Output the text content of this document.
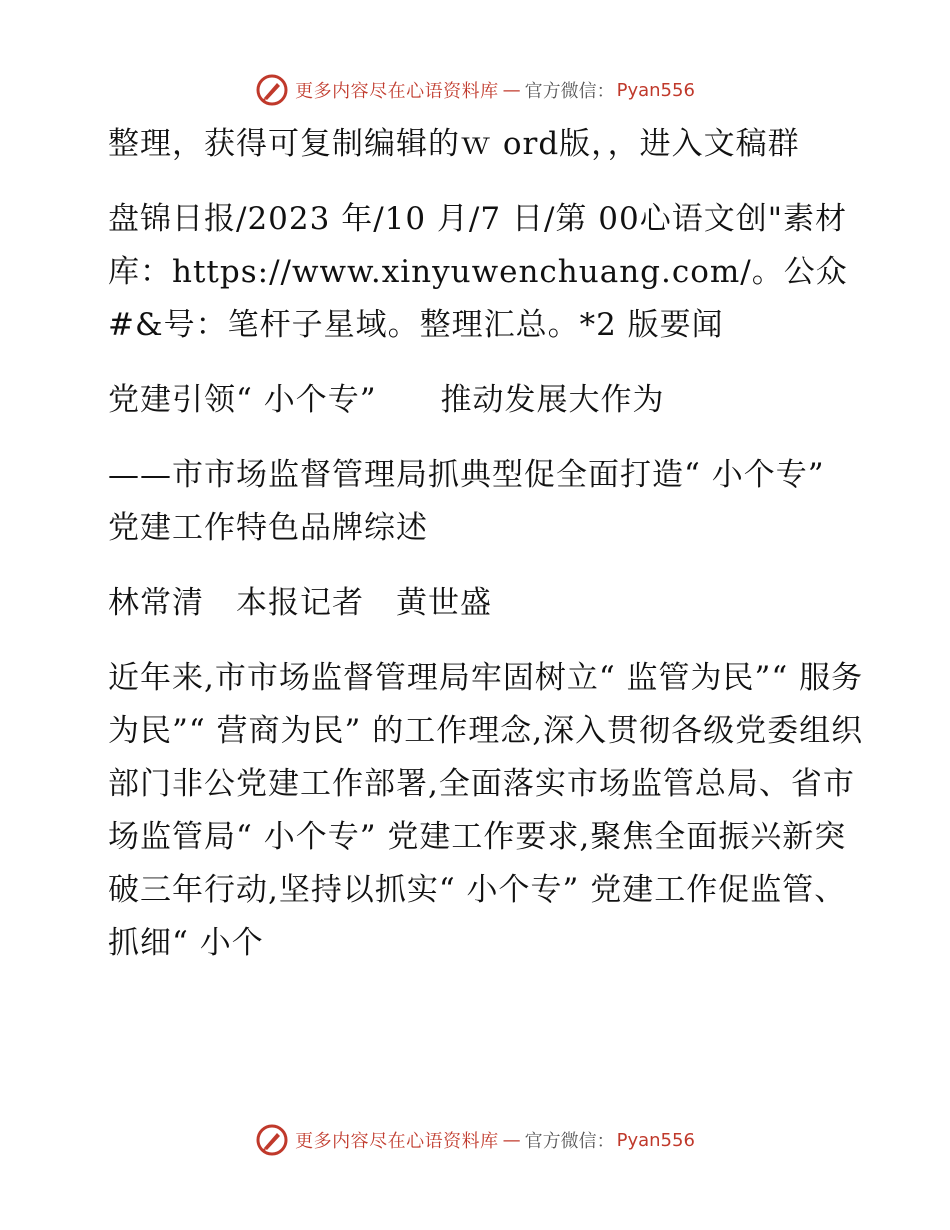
更多内容尽在心语资料库 — 官方微信： Pyan556

整理，获得可复制编辑的ｗ ord版，，进入文稿群

盘锦日报/2023 年/10 月/7 日/第 00心语文创"素材库：https://www.xinyuwenchuang.com/。公众#&号：笔杆子星域。整理汇总。*2 版要闻

党建引领“ 小个专”　　推动发展大作为

——市市场监督管理局抓典型促全面打造“ 小个专” 党建工作特色品牌综述

林常清　本报记者　黄世盛

近年来,市市场监督管理局牢固树立“ 监管为民”“ 服务为民”“ 营商为民” 的工作理念,深入贯彻各级党委组织部门非公党建工作部署,全面落实市场监管总局、省市场监管局“ 小个专” 党建工作要求,聚焦全面振兴新突破三年行动,坚持以抓实“ 小个专” 党建工作促监管、抓细“ 小个

更多内容尽在心语资料库 — 官方微信： Pyan556
